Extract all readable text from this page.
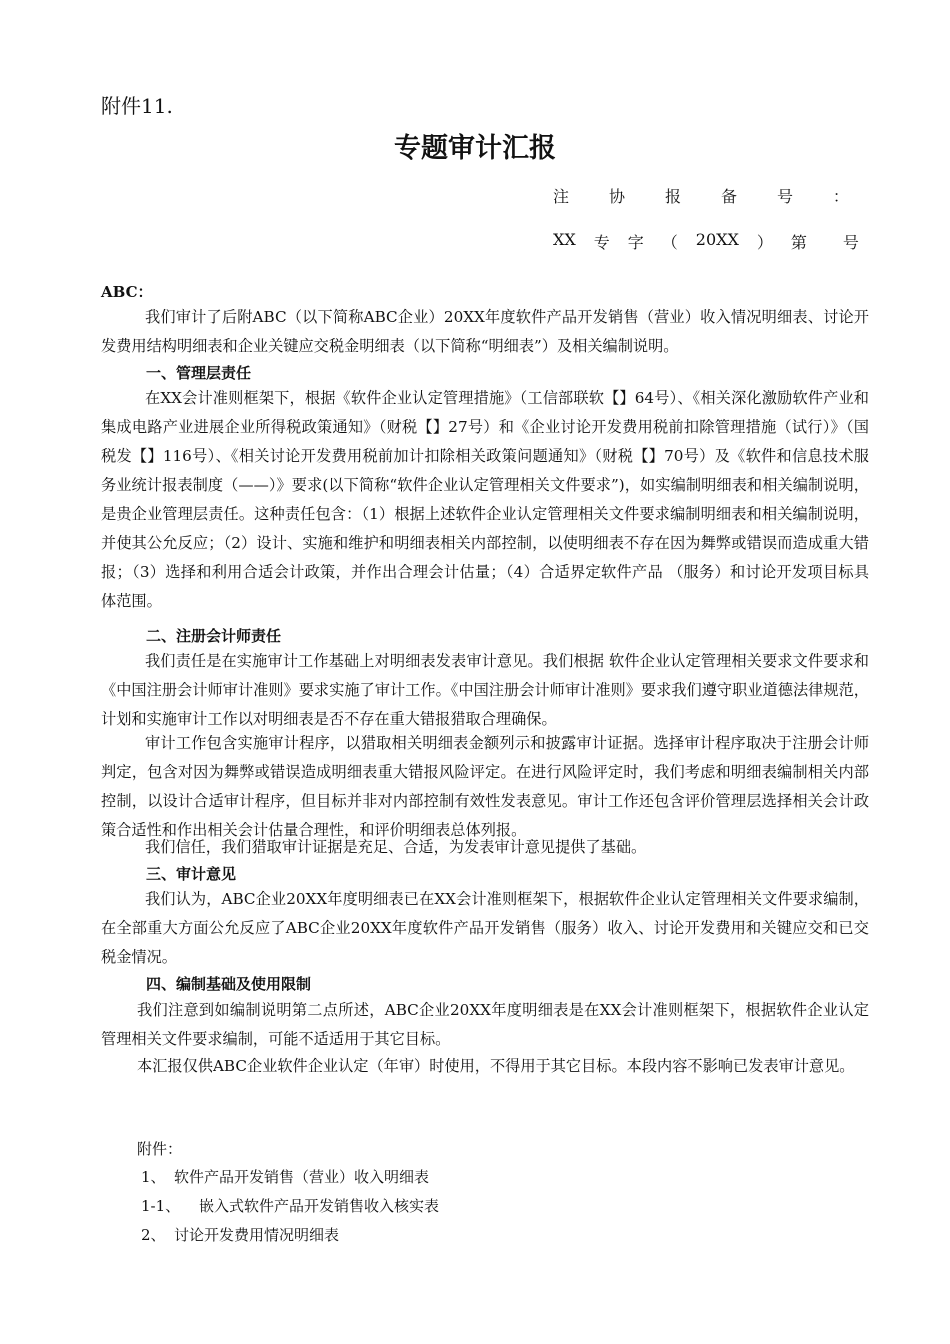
附件11.
专题审计汇报
注 协 报 备 号 ：
XX 专 字 （ 20XX ） 第 号
ABC：
我们审计了后附ABC（以下简称ABC企业）20XX年度软件产品开发销售（营业）收入情况明细表、讨论开发费用结构明细表和企业关键应交税金明细表（以下简称“明细表”）及相关编制说明。
一、管理层责任
在XX会计准则框架下，根据《软件企业认定管理措施》（工信部联软【】64号）、《相关深化激励软件产业和集成电路产业进展企业所得税政策通知》（财税【】27号）和《企业讨论开发费用税前扣除管理措施（试行）》（国税发【】116号）、《相关讨论开发费用税前加计扣除相关政策问题通知》（财税【】70号）及《软件和信息技术服务业统计报表制度（——）》要求(以下简称“软件企业认定管理相关文件要求”)，如实编制明细表和相关编制说明，是贵企业管理层责任。这种责任包含：（1）根据上述软件企业认定管理相关文件要求编制明细表和相关编制说明，并使其公允反应；（2）设计、实施和维护和明细表相关内部控制，以使明细表不存在因为舞弊或错误而造成重大错报；（3）选择和利用合适会计政策，并作出合理会计估量；（4）合适界定软件产品 （服务）和讨论开发项目标具体范围。
二、注册会计师责任
我们责任是在实施审计工作基础上对明细表发表审计意见。我们根据 软件企业认定管理相关要求文件要求和《中国注册会计师审计准则》要求实施了审计工作。《中国注册会计师审计准则》要求我们遵守职业道德法律规范，计划和实施审计工作以对明细表是否不存在重大错报猎取合理确保。
审计工作包含实施审计程序，以猎取相关明细表金额列示和披露审计证据。选择审计程序取决于注册会计师判定，包含对因为舞弊或错误造成明细表重大错报风险评定。在进行风险评定时，我们考虑和明细表编制相关内部控制，以设计合适审计程序，但目标并非对内部控制有效性发表意见。审计工作还包含评价管理层选择相关会计政策合适性和作出相关会计估量合理性，和评价明细表总体列报。
我们信任，我们猎取审计证据是充足、合适，为发表审计意见提供了基础。
三、审计意见
我们认为，ABC企业20XX年度明细表已在XX会计准则框架下，根据软件企业认定管理相关文件要求编制，在全部重大方面公允反应了ABC企业20XX年度软件产品开发销售（服务）收入、讨论开发费用和关键应交和已交税金情况。
四、编制基础及使用限制
我们注意到如编制说明第二点所述，ABC企业20XX年度明细表是在XX会计准则框架下，根据软件企业认定管理相关文件要求编制，可能不适适用于其它目标。
本汇报仅供ABC企业软件企业认定（年审）时使用，不得用于其它目标。本段内容不影响已发表审计意见。
附件：
1、 软件产品开发销售（营业）收入明细表
1-1、 嵌入式软件产品开发销售收入核实表
2、 讨论开发费用情况明细表
